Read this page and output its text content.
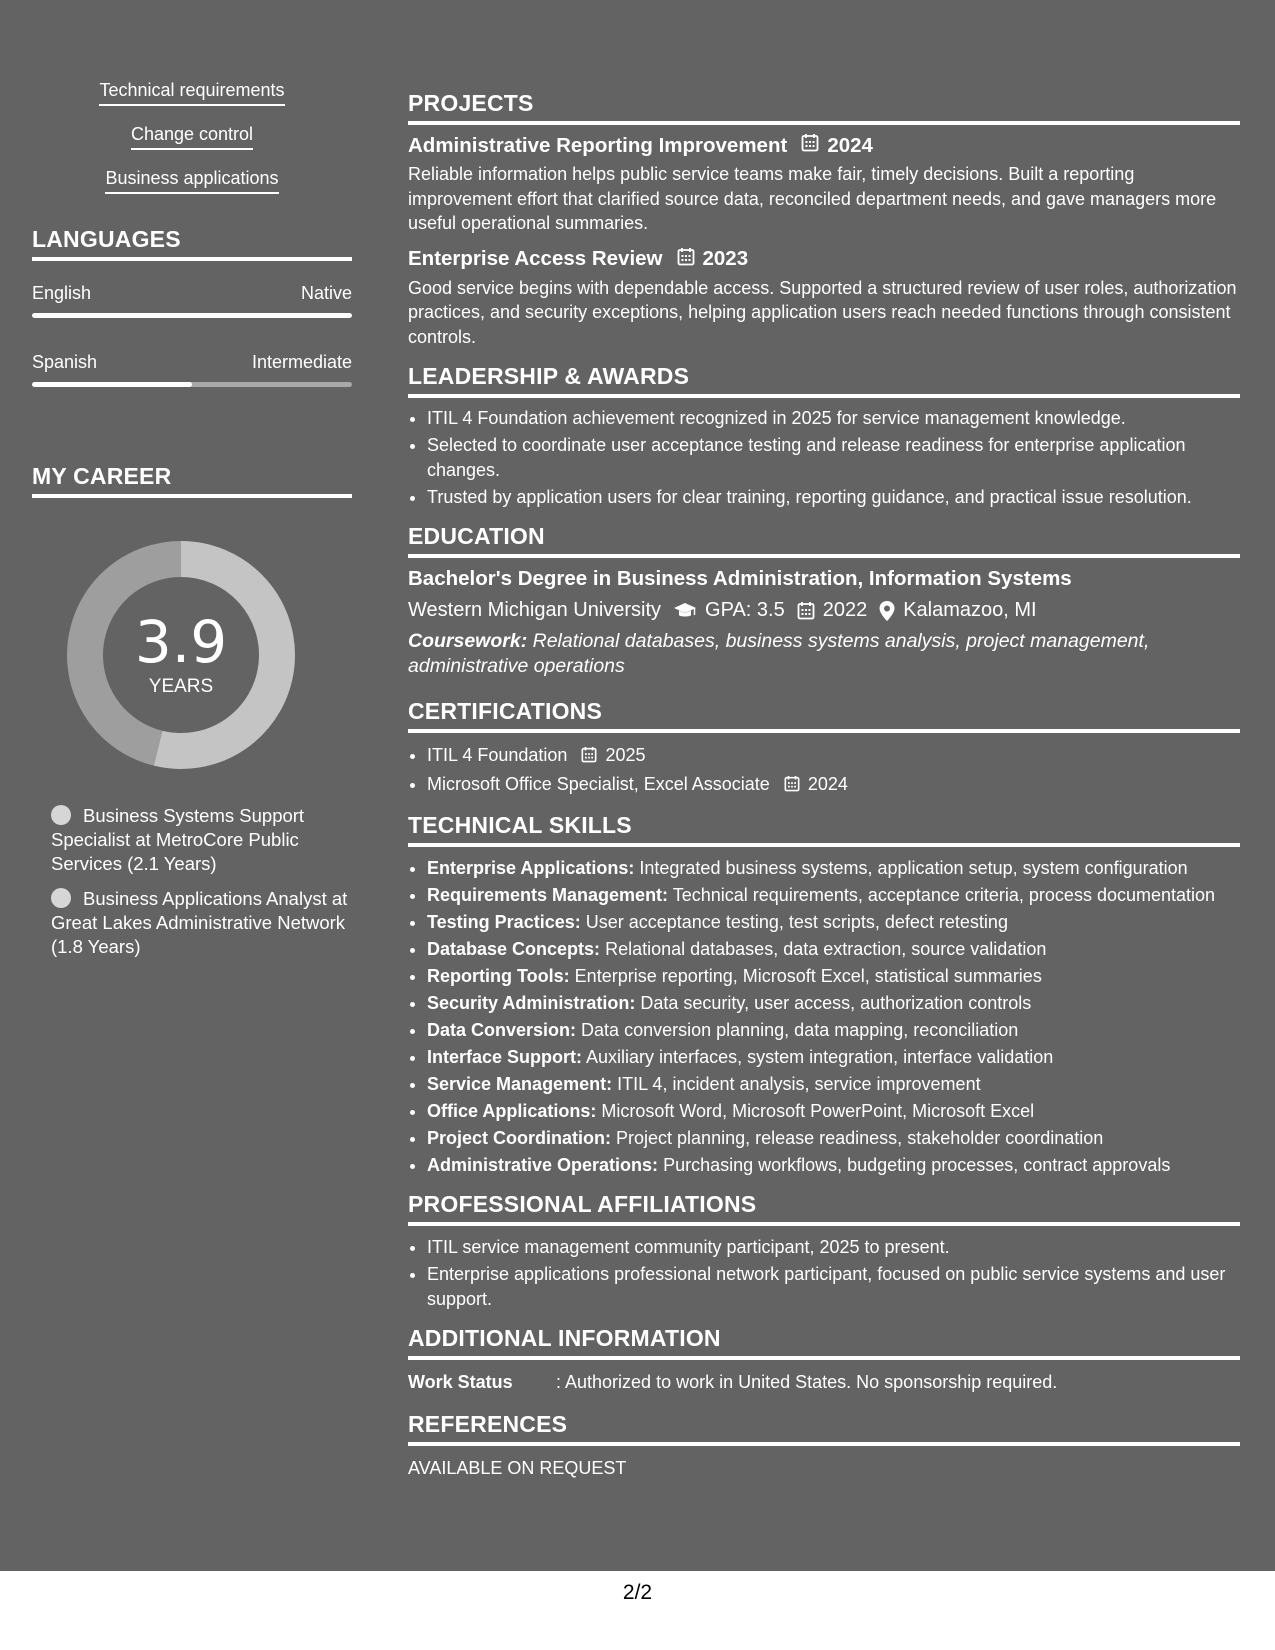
Technical requirements
Change control
Business applications
LANGUAGES
English	Native
Spanish	Intermediate
MY CAREER
3.9
YEARS
Business Systems Support Specialist at MetroCore Public Services (2.1 Years)
Business Applications Analyst at Great Lakes Administrative Network (1.8 Years)
PROJECTS
Administrative Reporting Improvement 2024

Reliable information helps public service teams make fair, timely decisions. Built a reporting improvement effort that clarified source data, reconciled department needs, and gave managers more useful operational summaries.

Enterprise Access Review 2023

Good service begins with dependable access. Supported a structured review of user roles, authorization practices, and security exceptions, helping application users reach needed functions through consistent controls.

LEADERSHIP & AWARDS
• ITIL 4 Foundation achievement recognized in 2025 for service management knowledge.
• Selected to coordinate user acceptance testing and release readiness for enterprise application changes.
• Trusted by application users for clear training, reporting guidance, and practical issue resolution.
EDUCATION
Bachelor's Degree in Business Administration, Information Systems
Western Michigan University GPA: 3.5 2022 Kalamazoo, MI
Coursework: Relational databases, business systems analysis, project management, administrative operations
CERTIFICATIONS
• ITIL 4 Foundation 2025
• Microsoft Office Specialist, Excel Associate 2024
TECHNICAL SKILLS
• Enterprise Applications: Integrated business systems, application setup, system configuration
• Requirements Management: Technical requirements, acceptance criteria, process documentation
• Testing Practices: User acceptance testing, test scripts, defect retesting
• Database Concepts: Relational databases, data extraction, source validation
• Reporting Tools: Enterprise reporting, Microsoft Excel, statistical summaries
• Security Administration: Data security, user access, authorization controls
• Data Conversion: Data conversion planning, data mapping, reconciliation
• Interface Support: Auxiliary interfaces, system integration, interface validation
• Service Management: ITIL 4, incident analysis, service improvement
• Office Applications: Microsoft Word, Microsoft PowerPoint, Microsoft Excel
• Project Coordination: Project planning, release readiness, stakeholder coordination
• Administrative Operations: Purchasing workflows, budgeting processes, contract approvals
PROFESSIONAL AFFILIATIONS
• ITIL service management community participant, 2025 to present.
• Enterprise applications professional network participant, focused on public service systems and user support.
ADDITIONAL INFORMATION
Work Status	: Authorized to work in United States. No sponsorship required.
REFERENCES
AVAILABLE ON REQUEST
2/2
